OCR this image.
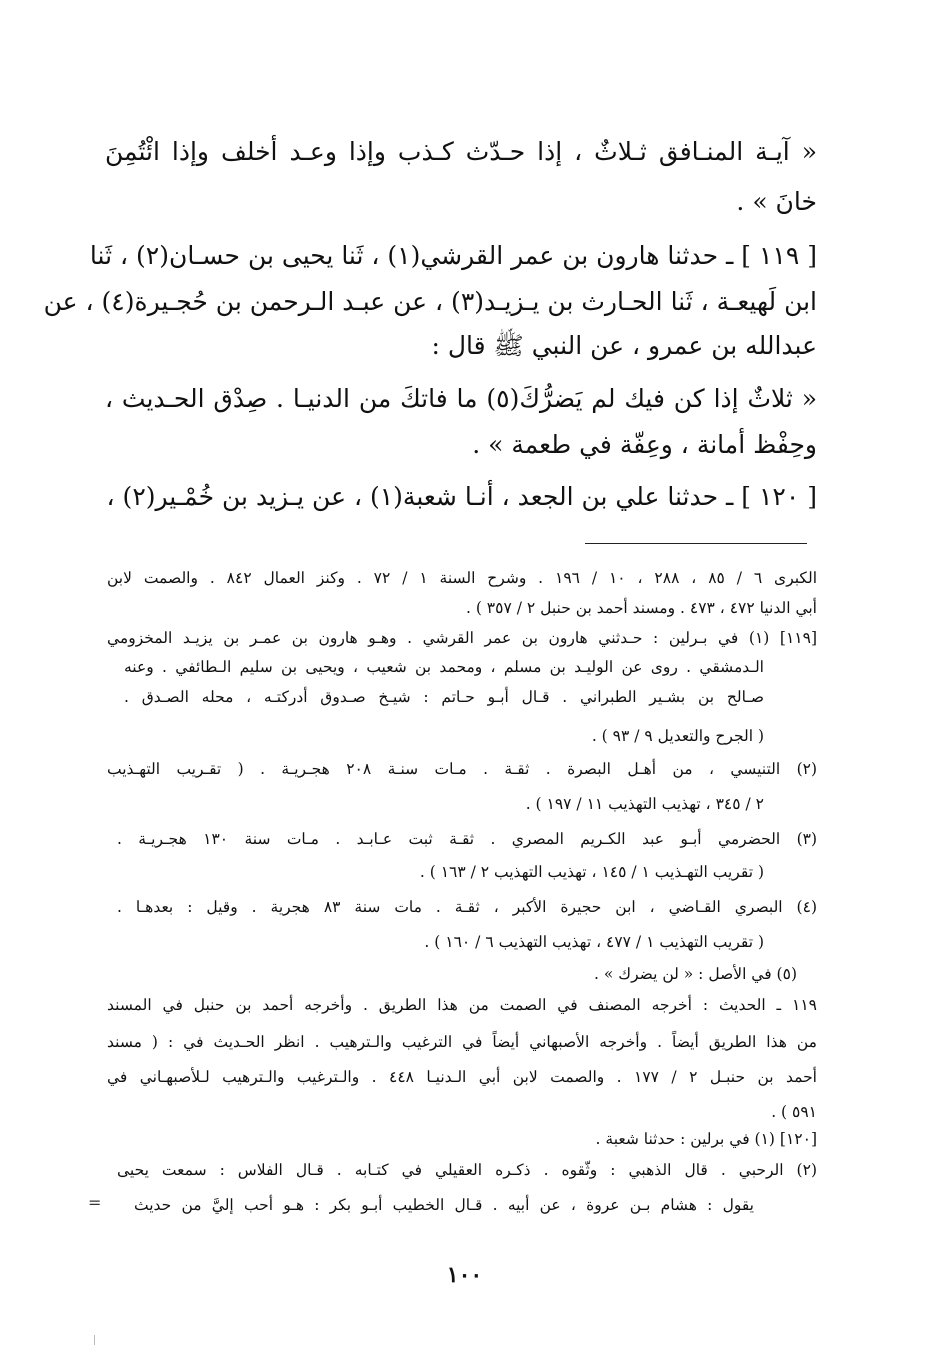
« آيـة المنـافق ثـلاثٌ ، إذا حـدّث كـذب وإذا وعـد أخلف وإذا ائْتُمِنَ
خانَ » .
[ ١١٩ ] ـ حدثنا هارون بن عمر القرشي(١) ، ثَنا يحيى بن حسـان(٢) ، ثَنا
ابن لَهيعـة ، ثَنا الحـارث بن يـزيـد(٣) ، عن عبـد الـرحمن بن حُجـيرة(٤) ، عن
عبدالله بن عمرو ، عن النبي ﷺ قال :
« ثلاثٌ إذا كن فيك لم يَضرُّكَ(٥) ما فاتكَ من الدنيـا . صِدْق الحـديث ،
وحِفْظ أمانة ، وعِفّة في طعمة » .
[ ١٢٠ ] ـ حدثنا علي بن الجعد ، أنـا شعبة(١) ، عن يـزيد بن خُمْـير(٢) ،
الكبرى ٦ / ٨٥ ، ٢٨٨ ، ١٠ / ١٩٦ . وشرح السنة ١ / ٧٢ . وكنز العمال ٨٤٢ . والصمت لابن
أبي الدنيا ٤٧٢ ، ٤٧٣ . ومسند أحمد بن حنبل ٢ / ٣٥٧ ) .
[١١٩] (١) في بـرلين : حـدثني هارون بن عمر القرشي . وهـو هارون بن عمـر بن يزيـد المخزومي
الـدمشقي . روى عن الوليـد بن مسلم ، ومحمد بن شعيب ، ويحيى بن سليم الـطائفي . وعنه
صـالح بن بشـير الطبراني . قـال أبـو حـاتم : شيـخ صـدوق أدركتـه ، محله الصـدق .
( الجرح والتعديل ٩ / ٩٣ ) .
(٢) التنيسي ، من أهـل البصرة . ثقـة . مـات سنـة ٢٠٨ هجـريـة . ( تقـريب التهـذيب
٢ / ٣٤٥ ، تهذيب التهذيب ١١ / ١٩٧ ) .
(٣) الحضرمي أبـو عبد الكـريم المصري . ثقـة ثبت عـابـد . مـات سنة ١٣٠ هجـريـة .
( تقريب التهـذيب ١ / ١٤٥ ، تهذيب التهذيب ٢ / ١٦٣ ) .
(٤) البصري القـاضي ، ابن حجيرة الأكبر ، ثقـة . مات سنة ٨٣ هجرية . وقيل : بعدهـا .
( تقريب التهذيب ١ / ٤٧٧ ، تهذيب التهذيب ٦ / ١٦٠ ) .
(٥) في الأصل : « لن يضرك » .
١١٩ ـ الحديث : أخرجه المصنف في الصمت من هذا الطريق . وأخرجه أحمد بن حنبل في المسند
من هذا الطريق أيضاً . وأخرجه الأصبهاني أيضاً في الترغيب والـترهيب . انظر الحـديث في : ( مسند
أحمد بن حنبـل ٢ / ١٧٧ . والصمت لابن أبي الـدنيـا ٤٤٨ . والـترغيب والـترهيب لـلأصبهـاني في
٥٩١ ) .
[١٢٠] (١) في برلين : حدثنا شعبة .
(٢) الرحبي . قال الذهبي : وثّقوه . ذكـره العقيلي في كتـابه . قـال الفلاس : سمعت يحيى
يقول : هشام بـن عروة ، عن أبيه . قـال الخطيب أبـو بكر : هـو أحب إليَّ من حديث
=
١٠٠
